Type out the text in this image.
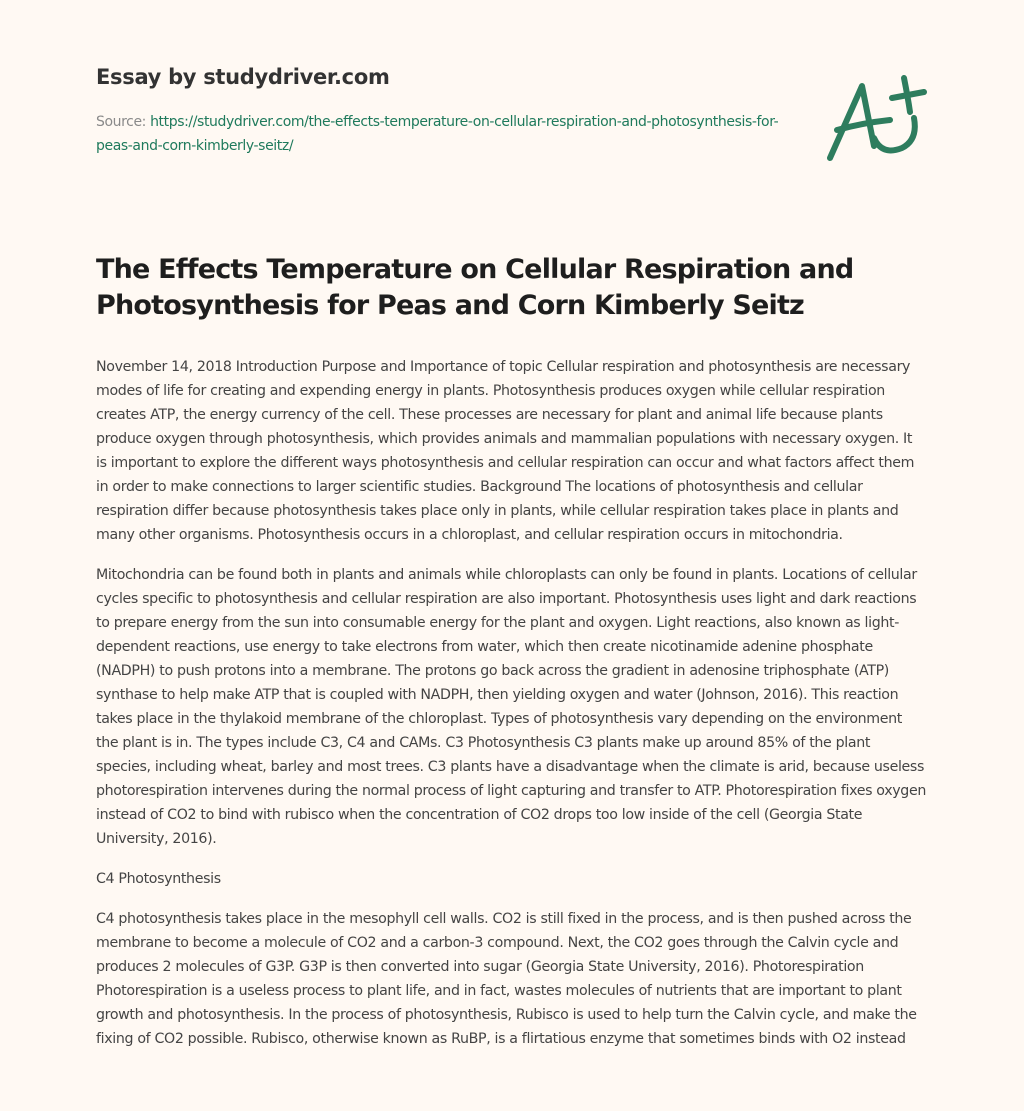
Essay by studydriver.com
Source: https://studydriver.com/the-effects-temperature-on-cellular-respiration-and-photosynthesis-for-peas-and-corn-kimberly-seitz/
The Effects Temperature on Cellular Respiration and Photosynthesis for Peas and Corn Kimberly Seitz

November 14, 2018 Introduction Purpose and Importance of topic Cellular respiration and photosynthesis are necessary modes of life for creating and expending energy in plants. Photosynthesis produces oxygen while cellular respiration creates ATP, the energy currency of the cell. These processes are necessary for plant and animal life because plants produce oxygen through photosynthesis, which provides animals and mammalian populations with necessary oxygen. It is important to explore the different ways photosynthesis and cellular respiration can occur and what factors affect them in order to make connections to larger scientific studies. Background The locations of photosynthesis and cellular respiration differ because photosynthesis takes place only in plants, while cellular respiration takes place in plants and many other organisms. Photosynthesis occurs in a chloroplast, and cellular respiration occurs in mitochondria.

Mitochondria can be found both in plants and animals while chloroplasts can only be found in plants. Locations of cellular cycles specific to photosynthesis and cellular respiration are also important. Photosynthesis uses light and dark reactions to prepare energy from the sun into consumable energy for the plant and oxygen. Light reactions, also known as light-dependent reactions, use energy to take electrons from water, which then create nicotinamide adenine phosphate (NADPH) to push protons into a membrane. The protons go back across the gradient in adenosine triphosphate (ATP) synthase to help make ATP that is coupled with NADPH, then yielding oxygen and water (Johnson, 2016). This reaction takes place in the thylakoid membrane of the chloroplast. Types of photosynthesis vary depending on the environment the plant is in. The types include C3, C4 and CAMs. C3 Photosynthesis C3 plants make up around 85% of the plant species, including wheat, barley and most trees. C3 plants have a disadvantage when the climate is arid, because useless photorespiration intervenes during the normal process of light capturing and transfer to ATP. Photorespiration fixes oxygen instead of CO2 to bind with rubisco when the concentration of CO2 drops too low inside of the cell (Georgia State University, 2016).

C4 Photosynthesis

C4 photosynthesis takes place in the mesophyll cell walls. CO2 is still fixed in the process, and is then pushed across the membrane to become a molecule of CO2 and a carbon-3 compound. Next, the CO2 goes through the Calvin cycle and produces 2 molecules of G3P. G3P is then converted into sugar (Georgia State University, 2016). Photorespiration Photorespiration is a useless process to plant life, and in fact, wastes molecules of nutrients that are important to plant growth and photosynthesis. In the process of photosynthesis, Rubisco is used to help turn the Calvin cycle, and make the fixing of CO2 possible. Rubisco, otherwise known as RuBP, is a flirtatious enzyme that sometimes binds with O2 instead
